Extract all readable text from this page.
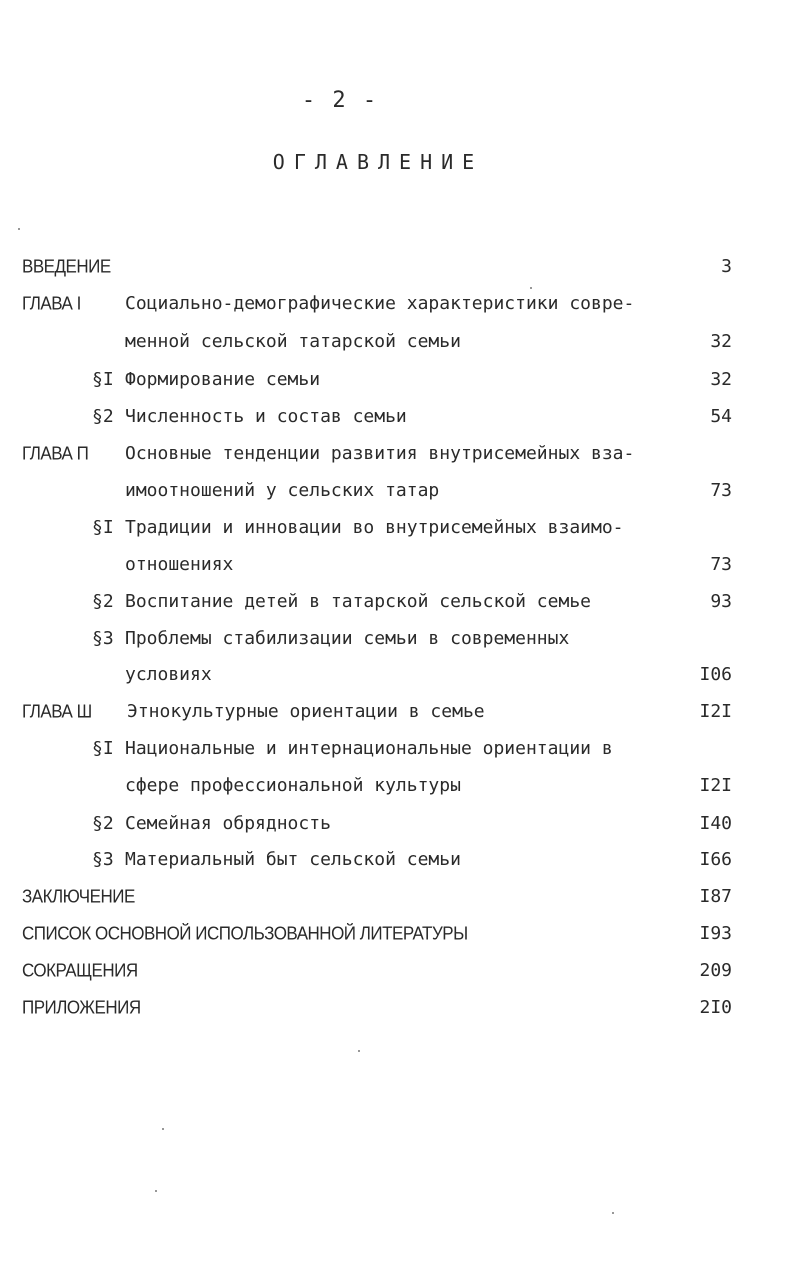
- 2 -
ОГЛАВЛЕНИЕ
ВВЕДЕНИЕ	3
ГЛАВА I Социально-демографические характеристики совре-
менной сельской татарской семьи	32
§I Формирование семьи	32
§2 Численность и состав семьи	54
ГЛАВА П Основные тенденции развития внутрисемейных вза-
имоотношений у сельских татар	73
§I Традиции и инновации во внутрисемейных взаимо-
отношениях	73
§2 Воспитание детей в татарской сельской семье	93
§3 Проблемы стабилизации семьи в современных
условиях	I06
ГЛАВА Ш Этнокультурные ориентации в семье	I2I
§I Национальные и интернациональные ориентации в
сфере профессиональной культуры	I2I
§2 Семейная обрядность	I40
§3 Материальный быт сельской семьи	I66
ЗАКЛЮЧЕНИЕ	I87
СПИСОК ОСНОВНОЙ ИСПОЛЬЗОВАННОЙ ЛИТЕРАТУРЫ	I93
СОКРАЩЕНИЯ	209
ПРИЛОЖЕНИЯ	2I0
